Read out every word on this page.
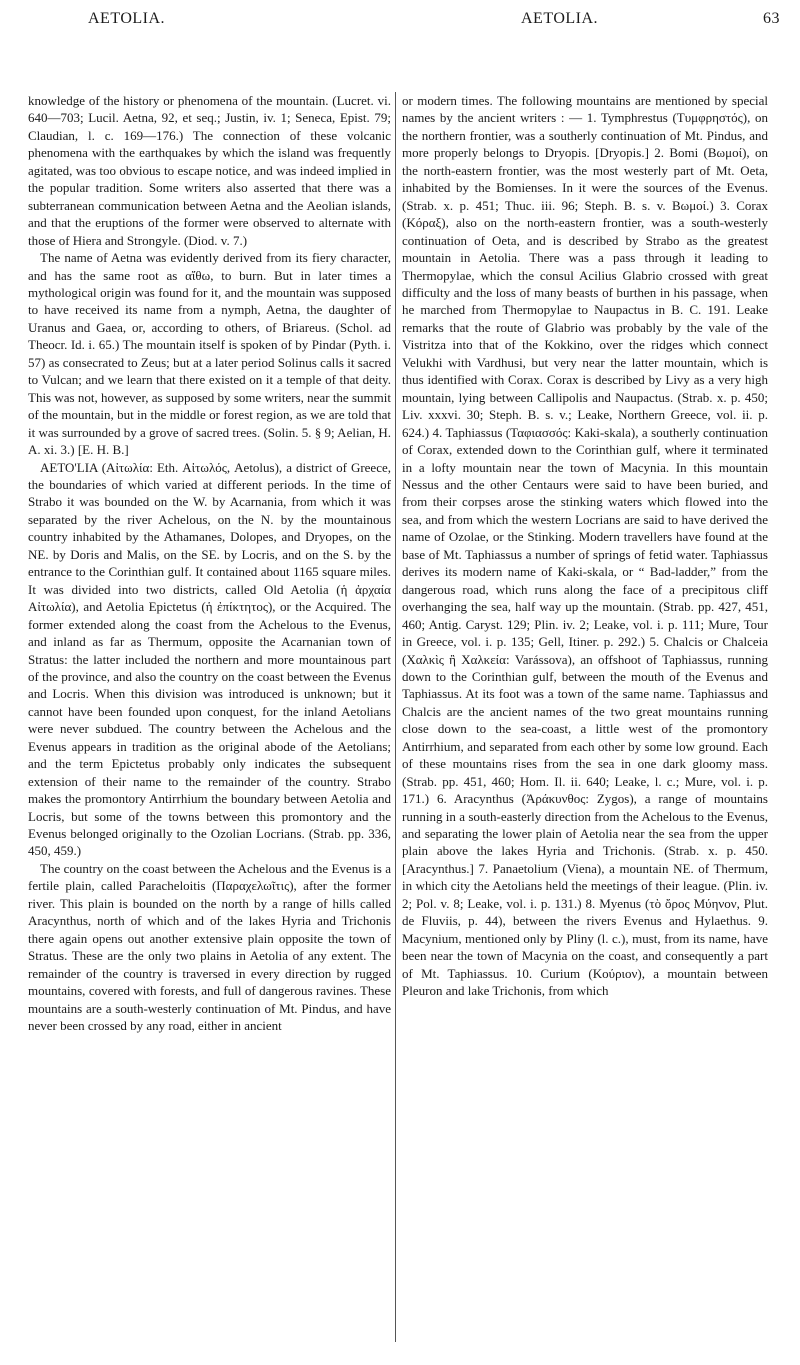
AETOLIA.	AETOLIA.	63

knowledge of the history or phenomena of the mountain. (Lucret. vi. 640—703; Lucil. Aetna, 92, et seq.; Justin, iv. 1; Seneca, Epist. 79; Claudian, l. c. 169—176.) The connection of these volcanic phenomena with the earthquakes by which the island was frequently agitated, was too obvious to escape notice, and was indeed implied in the popular tradition. Some writers also asserted that there was a subterranean communication between Aetna and the Aeolian islands, and that the eruptions of the former were observed to alternate with those of Hiera and Strongyle. (Diod. v. 7.)

The name of Aetna was evidently derived from its fiery character, and has the same root as αἴθω, to burn. But in later times a mythological origin was found for it, and the mountain was supposed to have received its name from a nymph, Aetna, the daughter of Uranus and Gaea, or, according to others, of Briareus. (Schol. ad Theocr. Id. i. 65.) The mountain itself is spoken of by Pindar (Pyth. i. 57) as consecrated to Zeus; but at a later period Solinus calls it sacred to Vulcan; and we learn that there existed on it a temple of that deity. This was not, however, as supposed by some writers, near the summit of the mountain, but in the middle or forest region, as we are told that it was surrounded by a grove of sacred trees. (Solin. 5. § 9; Aelian, H. A. xi. 3.) [E. H. B.]

AETO'LIA (Αἰτωλία: Eth. Αἰτωλός, Aetolus), a district of Greece, the boundaries of which varied at different periods. In the time of Strabo it was bounded on the W. by Acarnania, from which it was separated by the river Achelous, on the N. by the mountainous country inhabited by the Athamanes, Dolopes, and Dryopes, on the NE. by Doris and Malis, on the SE. by Locris, and on the S. by the entrance to the Corinthian gulf. It contained about 1165 square miles. It was divided into two districts, called Old Aetolia (ἡ ἀρχαία Αἰτωλία), and Aetolia Epictetus (ἡ ἐπίκτητος), or the Acquired. The former extended along the coast from the Achelous to the Evenus, and inland as far as Thermum, opposite the Acarnanian town of Stratus: the latter included the northern and more mountainous part of the province, and also the country on the coast between the Evenus and Locris. When this division was introduced is unknown; but it cannot have been founded upon conquest, for the inland Aetolians were never subdued. The country between the Achelous and the Evenus appears in tradition as the original abode of the Aetolians; and the term Epictetus probably only indicates the subsequent extension of their name to the remainder of the country. Strabo makes the promontory Antirrhium the boundary between Aetolia and Locris, but some of the towns between this promontory and the Evenus belonged originally to the Ozolian Locrians. (Strab. pp. 336, 450, 459.)

The country on the coast between the Achelous and the Evenus is a fertile plain, called Paracheloitis (Παραχελωῖτις), after the former river. This plain is bounded on the north by a range of hills called Aracynthus, north of which and of the lakes Hyria and Trichonis there again opens out another extensive plain opposite the town of Stratus. These are the only two plains in Aetolia of any extent. The remainder of the country is traversed in every direction by rugged mountains, covered with forests, and full of dangerous ravines. These mountains are a south-westerly continuation of Mt. Pindus, and have never been crossed by any road, either in ancient

or modern times. The following mountains are mentioned by special names by the ancient writers : — 1. Tymphrestus (Τυμφρηστός), on the northern frontier, was a southerly continuation of Mt. Pindus, and more properly belongs to Dryopis. [Dryopis.] 2. Bomi (Βωμοί), on the north-eastern frontier, was the most westerly part of Mt. Oeta, inhabited by the Bomienses. In it were the sources of the Evenus. (Strab. x. p. 451; Thuc. iii. 96; Steph. B. s. v. Βωμοί.) 3. Corax (Κόραξ), also on the north-eastern frontier, was a south-westerly continuation of Oeta, and is described by Strabo as the greatest mountain in Aetolia. There was a pass through it leading to Thermopylae, which the consul Acilius Glabrio crossed with great difficulty and the loss of many beasts of burthen in his passage, when he marched from Thermopylae to Naupactus in B. C. 191. Leake remarks that the route of Glabrio was probably by the vale of the Vistritza into that of the Kokkino, over the ridges which connect Velukhi with Vardhusi, but very near the latter mountain, which is thus identified with Corax. Corax is described by Livy as a very high mountain, lying between Callipolis and Naupactus. (Strab. x. p. 450; Liv. xxxvi. 30; Steph. B. s. v.; Leake, Northern Greece, vol. ii. p. 624.) 4. Taphiassus (Ταφιασσός: Kaki-skala), a southerly continuation of Corax, extended down to the Corinthian gulf, where it terminated in a lofty mountain near the town of Macynia. In this mountain Nessus and the other Centaurs were said to have been buried, and from their corpses arose the stinking waters which flowed into the sea, and from which the western Locrians are said to have derived the name of Ozolae, or the Stinking. Modern travellers have found at the base of Mt. Taphiassus a number of springs of fetid water. Taphiassus derives its modern name of Kaki-skala, or “ Bad-ladder,” from the dangerous road, which runs along the face of a precipitous cliff overhanging the sea, half way up the mountain. (Strab. pp. 427, 451, 460; Antig. Caryst. 129; Plin. iv. 2; Leake, vol. i. p. 111; Mure, Tour in Greece, vol. i. p. 135; Gell, Itiner. p. 292.) 5. Chalcis or Chalceia (Χαλκὶς ἢ Χαλκεία: Varássova), an offshoot of Taphiassus, running down to the Corinthian gulf, between the mouth of the Evenus and Taphiassus. At its foot was a town of the same name. Taphiassus and Chalcis are the ancient names of the two great mountains running close down to the sea-coast, a little west of the promontory Antirrhium, and separated from each other by some low ground. Each of these mountains rises from the sea in one dark gloomy mass. (Strab. pp. 451, 460; Hom. Il. ii. 640; Leake, l. c.; Mure, vol. i. p. 171.) 6. Aracynthus (Ἀράκυνθος: Zygos), a range of mountains running in a south-easterly direction from the Achelous to the Evenus, and separating the lower plain of Aetolia near the sea from the upper plain above the lakes Hyria and Trichonis. (Strab. x. p. 450. [Aracynthus.] 7. Panaetolium (Viena), a mountain NE. of Thermum, in which city the Aetolians held the meetings of their league. (Plin. iv. 2; Pol. v. 8; Leake, vol. i. p. 131.) 8. Myenus (τὸ ὄρος Μύηνον, Plut. de Fluviis, p. 44), between the rivers Evenus and Hylaethus. 9. Macynium, mentioned only by Pliny (l. c.), must, from its name, have been near the town of Macynia on the coast, and consequently a part of Mt. Taphiassus. 10. Curium (Κούριον), a mountain between Pleuron and lake Trichonis, from which
